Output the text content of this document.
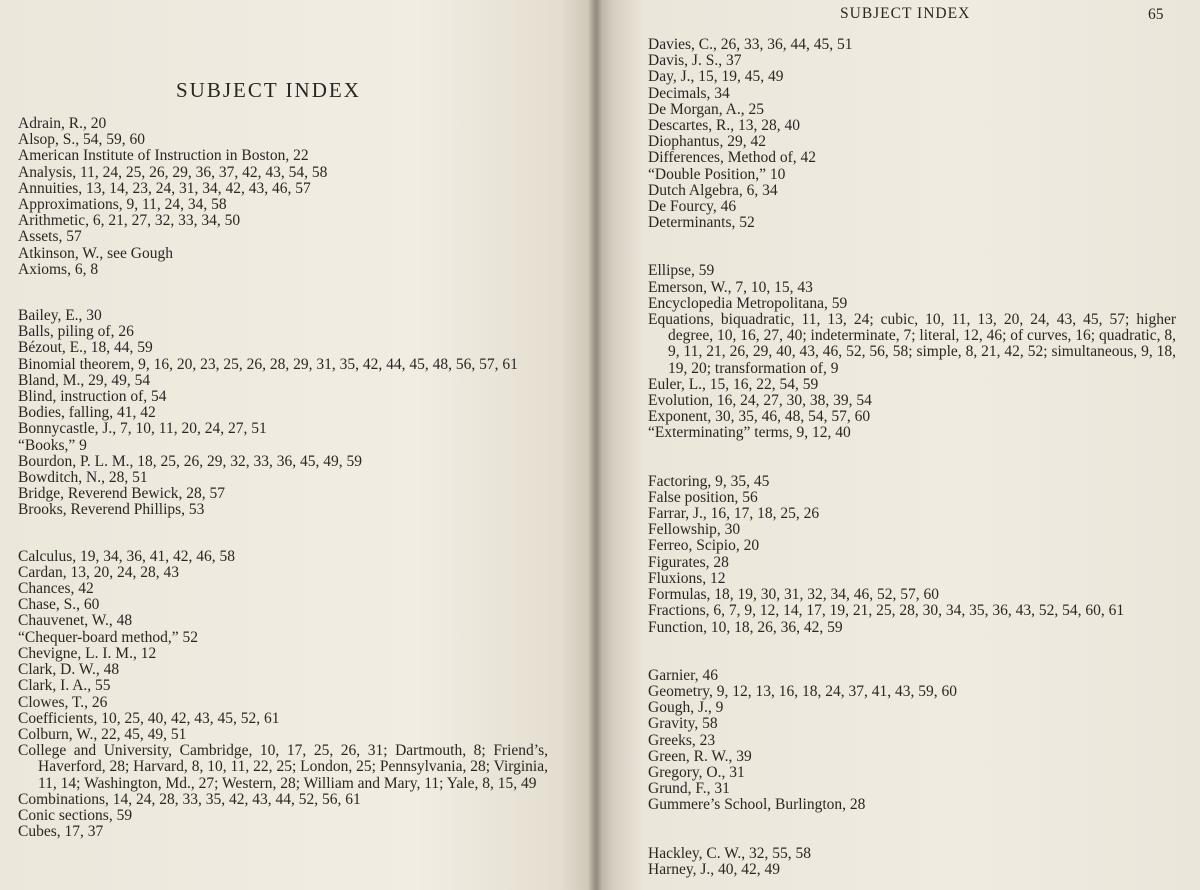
SUBJECT INDEX

Adrain, R., 20

Alsop, S., 54, 59, 60

American Institute of Instruction in Boston, 22

Analysis, 11, 24, 25, 26, 29, 36, 37, 42, 43, 54, 58

Annuities, 13, 14, 23, 24, 31, 34, 42, 43, 46, 57

Approximations, 9, 11, 24, 34, 58

Arithmetic, 6, 21, 27, 32, 33, 34, 50

Assets, 57

Atkinson, W., see Gough

Axioms, 6, 8

Bailey, E., 30

Balls, piling of, 26

Bézout, E., 18, 44, 59

Binomial theorem, 9, 16, 20, 23, 25, 26, 28, 29, 31, 35, 42, 44, 45, 48, 56, 57, 61

Bland, M., 29, 49, 54

Blind, instruction of, 54

Bodies, falling, 41, 42

Bonnycastle, J., 7, 10, 11, 20, 24, 27, 51

“Books,” 9

Bourdon, P. L. M., 18, 25, 26, 29, 32, 33, 36, 45, 49, 59

Bowditch, N., 28, 51

Bridge, Reverend Bewick, 28, 57

Brooks, Reverend Phillips, 53

Calculus, 19, 34, 36, 41, 42, 46, 58

Cardan, 13, 20, 24, 28, 43

Chances, 42

Chase, S., 60

Chauvenet, W., 48

“Chequer-board method,” 52

Chevigne, L. I. M., 12

Clark, D. W., 48

Clark, I. A., 55

Clowes, T., 26

Coefficients, 10, 25, 40, 42, 43, 45, 52, 61

Colburn, W., 22, 45, 49, 51

College and University, Cambridge, 10, 17, 25, 26, 31; Dartmouth, 8; Friend’s, Haverford, 28; Harvard, 8, 10, 11, 22, 25; London, 25; Pennsylvania, 28; Virginia, 11, 14; Washington, Md., 27; Western, 28; William and Mary, 11; Yale, 8, 15, 49

Combinations, 14, 24, 28, 33, 35, 42, 43, 44, 52, 56, 61

Conic sections, 59

Cubes, 17, 37

SUBJECT INDEX	65

Davies, C., 26, 33, 36, 44, 45, 51

Davis, J. S., 37

Day, J., 15, 19, 45, 49

Decimals, 34

De Morgan, A., 25

Descartes, R., 13, 28, 40

Diophantus, 29, 42

Differences, Method of, 42

“Double Position,” 10

Dutch Algebra, 6, 34

De Fourcy, 46

Determinants, 52

Ellipse, 59

Emerson, W., 7, 10, 15, 43

Encyclopedia Metropolitana, 59

Equations, biquadratic, 11, 13, 24; cubic, 10, 11, 13, 20, 24, 43, 45, 57; higher degree, 10, 16, 27, 40; indeterminate, 7; literal, 12, 46; of curves, 16; quadratic, 8, 9, 11, 21, 26, 29, 40, 43, 46, 52, 56, 58; simple, 8, 21, 42, 52; simultaneous, 9, 18, 19, 20; transformation of, 9

Euler, L., 15, 16, 22, 54, 59

Evolution, 16, 24, 27, 30, 38, 39, 54

Exponent, 30, 35, 46, 48, 54, 57, 60

“Exterminating” terms, 9, 12, 40

Factoring, 9, 35, 45

False position, 56

Farrar, J., 16, 17, 18, 25, 26

Fellowship, 30

Ferreo, Scipio, 20

Figurates, 28

Fluxions, 12

Formulas, 18, 19, 30, 31, 32, 34, 46, 52, 57, 60

Fractions, 6, 7, 9, 12, 14, 17, 19, 21, 25, 28, 30, 34, 35, 36, 43, 52, 54, 60, 61

Function, 10, 18, 26, 36, 42, 59

Garnier, 46

Geometry, 9, 12, 13, 16, 18, 24, 37, 41, 43, 59, 60

Gough, J., 9

Gravity, 58

Greeks, 23

Green, R. W., 39

Gregory, O., 31

Grund, F., 31

Gummere’s School, Burlington, 28

Hackley, C. W., 32, 55, 58

Harney, J., 40, 42, 49
